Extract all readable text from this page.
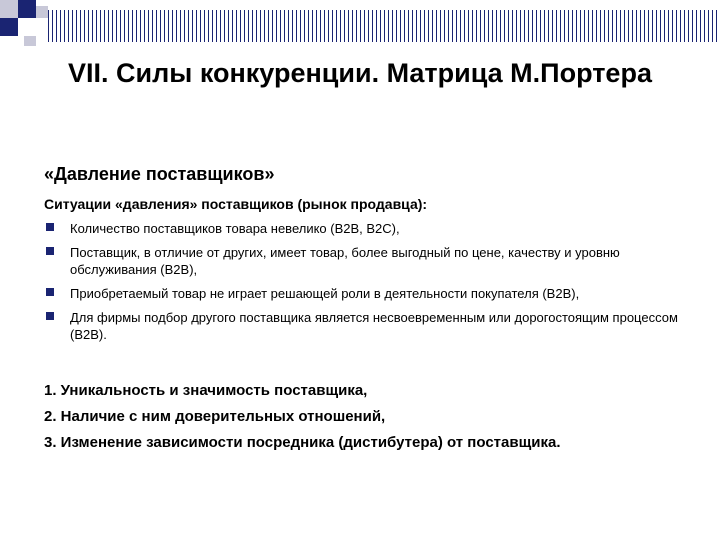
VII. Силы конкуренции. Матрица М.Портера
«Давление поставщиков»
Ситуации «давления» поставщиков (рынок продавца):
Количество поставщиков товара невелико (B2B, B2C),
Поставщик, в отличие от других, имеет товар, более выгодный по цене, качеству и уровню обслуживания (B2B),
Приобретаемый товар не играет решающей роли в деятельности покупателя (B2B),
Для фирмы подбор другого поставщика является несвоевременным или дорогостоящим процессом (B2B).
1. Уникальность и значимость поставщика,
2. Наличие с ним доверительных отношений,
3. Изменение зависимости посредника (дистибутера) от поставщика.
